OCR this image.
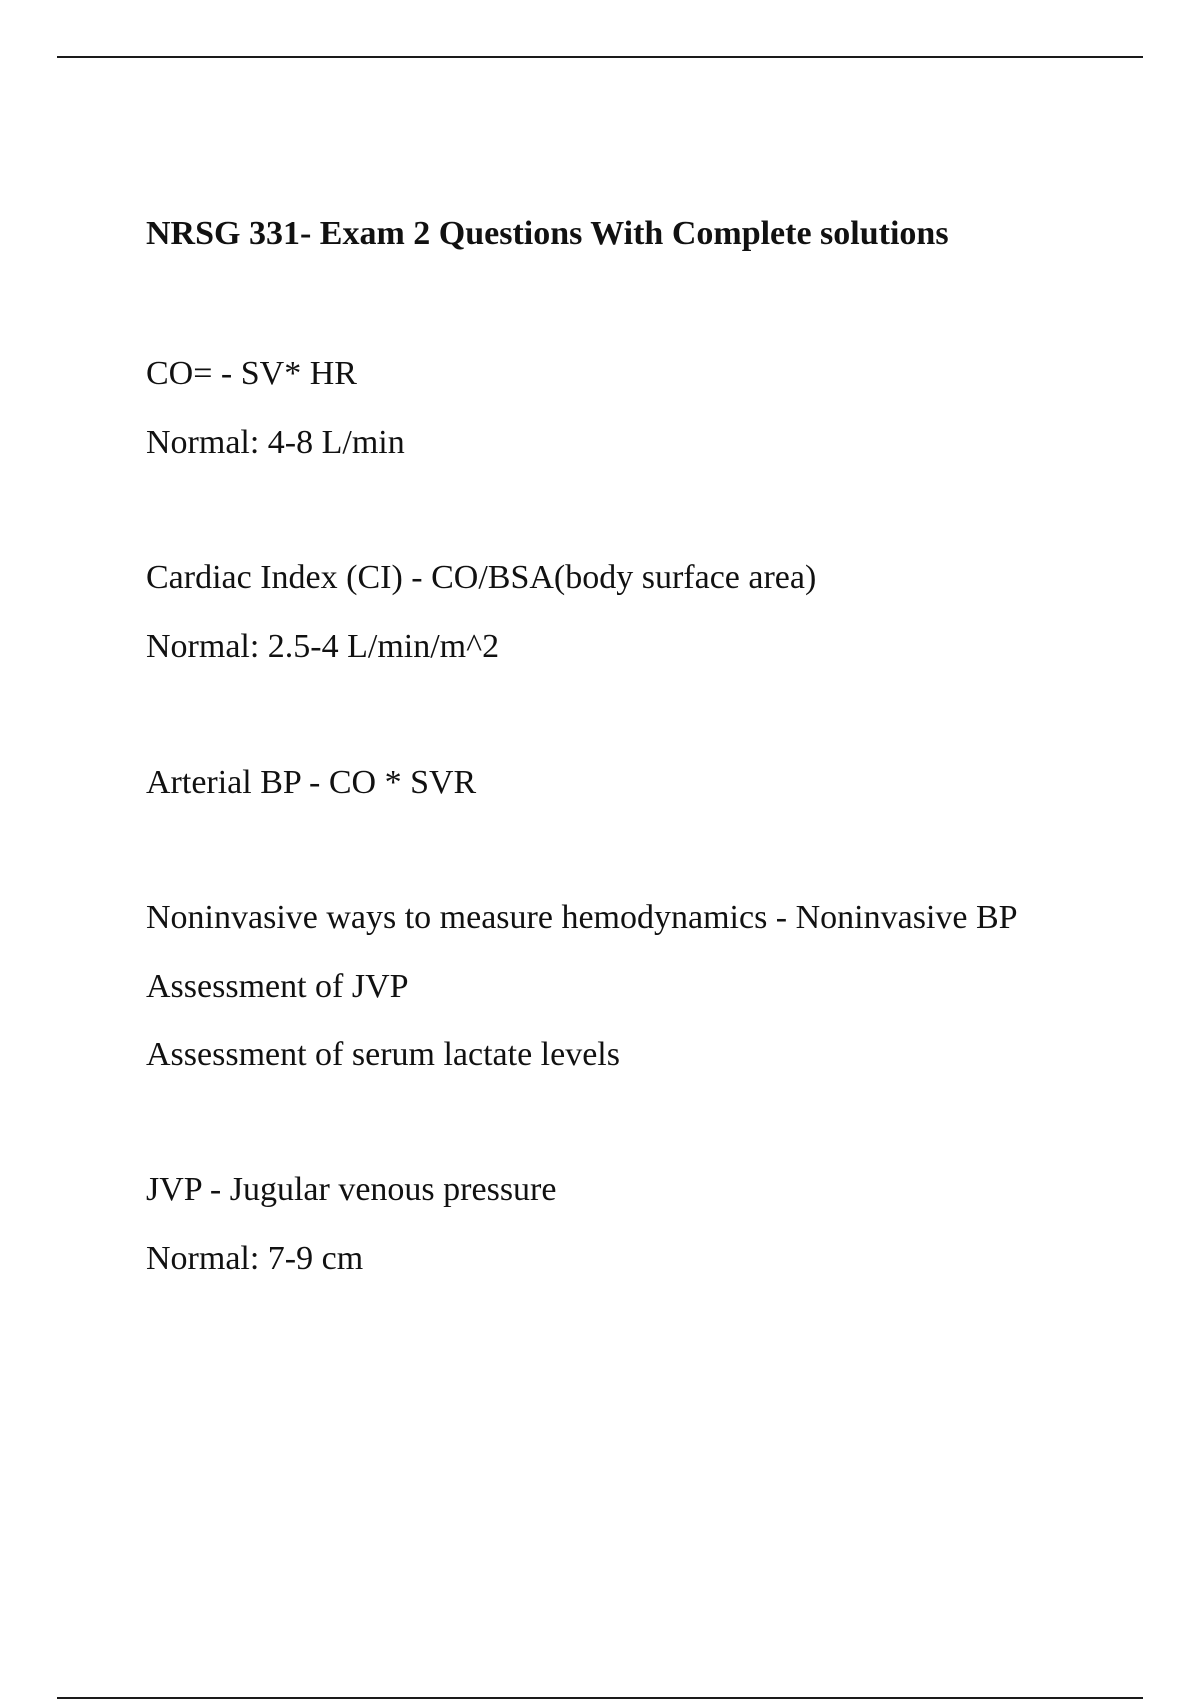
NRSG 331- Exam 2 Questions With Complete solutions

CO= - SV* HR

Normal: 4-8 L/min

Cardiac Index (CI) - CO/BSA(body surface area)

Normal: 2.5-4 L/min/m^2

Arterial BP - CO * SVR

Noninvasive ways to measure hemodynamics - Noninvasive BP

Assessment of JVP

Assessment of serum lactate levels

JVP - Jugular venous pressure

Normal: 7-9 cm
